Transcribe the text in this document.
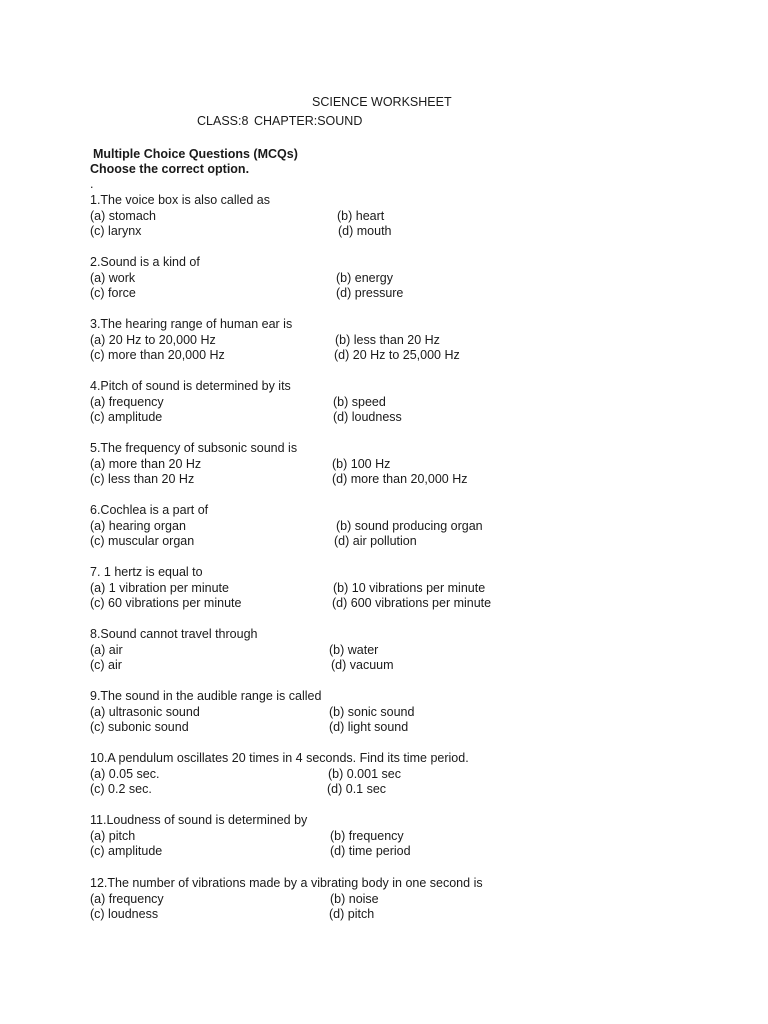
SCIENCE WORKSHEET
CLASS:8 CHAPTER:SOUND
Multiple Choice Questions (MCQs)
Choose the correct option.
.
1.The voice box is also called as
(a) stomach	(b) heart
(c) larynx	(d) mouth
2.Sound is a kind of
(a) work	(b) energy
(c) force	(d) pressure
3.The hearing range of human ear is
(a) 20 Hz to 20,000 Hz	(b) less than 20 Hz
(c) more than 20,000 Hz	(d) 20 Hz to 25,000 Hz
4.Pitch of sound is determined by its
(a) frequency	(b) speed
(c) amplitude	(d) loudness
5.The frequency of subsonic sound is
(a) more than 20 Hz	(b) 100 Hz
(c) less than 20 Hz	(d) more than 20,000 Hz
6.Cochlea is a part of
(a) hearing organ	(b) sound producing organ
(c) muscular organ	(d) air pollution
7. 1 hertz is equal to
(a) 1 vibration per minute	(b) 10 vibrations per minute
(c) 60 vibrations per minute	(d) 600 vibrations per minute
8.Sound cannot travel through
(a) air	(b) water
(c) air	(d) vacuum
9.The sound in the audible range is called
(a) ultrasonic sound	(b) sonic sound
(c) subonic sound	(d) light sound
10.A pendulum oscillates 20 times in 4 seconds. Find its time period.
(a) 0.05 sec.	(b) 0.001 sec
(c) 0.2 sec.	(d) 0.1 sec
11.Loudness of sound is determined by
(a) pitch	(b) frequency
(c) amplitude	(d) time period
12.The number of vibrations made by a vibrating body in one second is
(a) frequency	(b) noise
(c) loudness	(d) pitch
